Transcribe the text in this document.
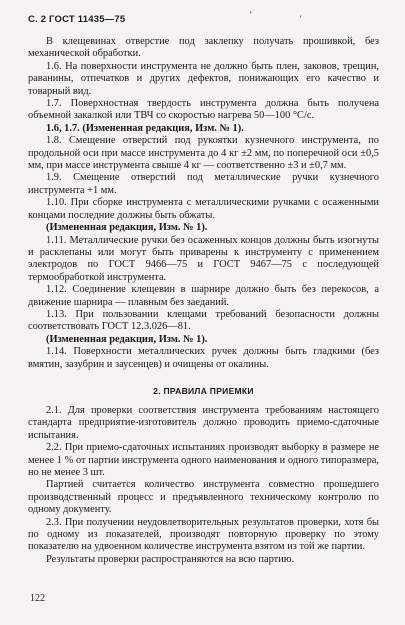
С. 2 ГОСТ 11435—75	'	'

В клещевинах отверстие под заклепку получать прошивкой, без механической обработки.

1.6. На поверхности инструмента не должно быть плен, заковов, трещин, раванины, отпечатков и других дефектов, понижающих его качество и товарный вид.

1.7. Поверхностная твердость инструмента должна быть получена объемной закалкой или ТВЧ со скоростью нагрева 50—100 °С/с.

1.6, 1.7. (Измененная редакция, Изм. № 1).

1.8. Смещение отверстий под рукоятки кузнечного инструмента, по продольной оси при массе инструмента до 4 кг ±2 мм, по поперечной оси ±0,5 мм, при массе инструмента свыше 4 кг — соответственно ±3 и ±0,7 мм.

1.9. Смещение отверстий под металлические ручки кузнечного инструмента +1 мм.

1.10. При сборке инструмента с металлическими ручками с осаженными концами последние должны быть обжаты.

(Измененная редакция, Изм. № 1).

1.11. Металлические ручки без осаженных концов должны быть изогнуты и расклепаны или могут быть приварены к инструменту с применением электродов по ГОСТ 9466—75 и ГОСТ 9467—75 с последующей термообработкой инструмента.

1.12. Соединение клещевин в шарнире должно быть без перекосов, а движение шарнира — плавным без заеданий.

1.13. При пользовании клещами требований безопасности должны соответствовать ГОСТ 12.3.026—81.

(Измененная редакция, Изм. № 1).

1.14. Поверхности металлических ручек должны быть гладкими (без вмятин, зазубрин и заусенцев) и очищены от окалины.

2. ПРАВИЛА ПРИЕМКИ

2.1. Для проверки соответствия инструмента требованиям настоящего стандарта предприятие-изготовитель должно проводить приемо-сдаточные испытания.

2.2. При приемо-сдаточных испытаниях производят выборку в размере не менее 1 % от партии инструмента одного наименования и одного типоразмера, но не менее 3 шт.

Партией считается количество инструмента совместно прошедшего производственный процесс и предъявленного техническому контролю по одному документу.

2.3. При получении неудовлетворительных результатов проверки, хотя бы по одному из показателей, производят повторную проверку по этому показателю на удвоенном количестве инструмента взятом из той же партии.

Результаты проверки распространяются на всю партию.

122
